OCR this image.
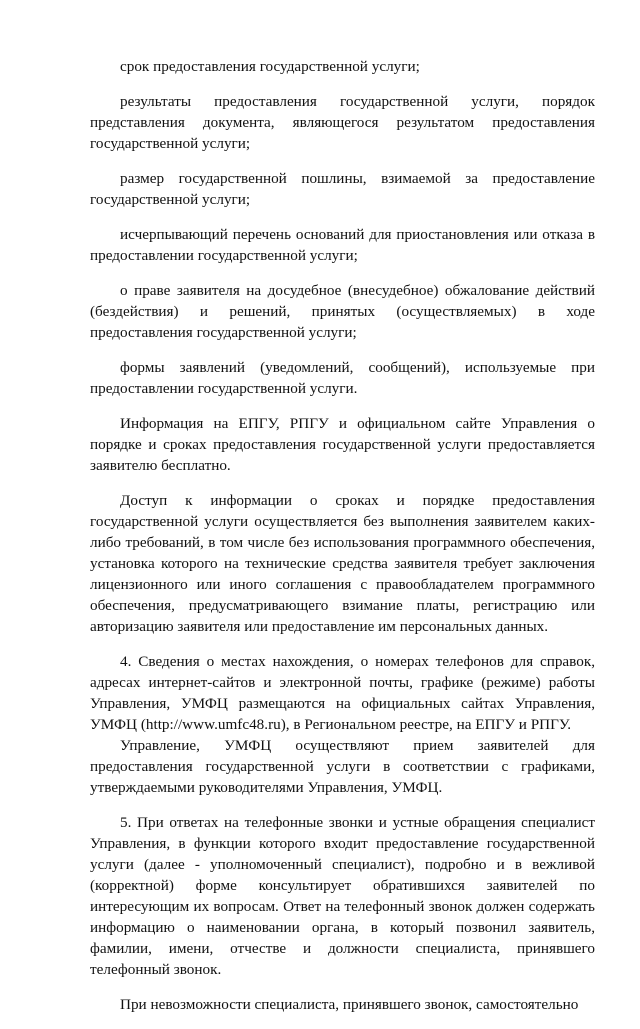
срок предоставления государственной услуги;

результаты предоставления государственной услуги, порядок представления документа, являющегося результатом предоставления государственной услуги;

размер государственной пошлины, взимаемой за предоставление государственной услуги;

исчерпывающий перечень оснований для приостановления или отказа в предоставлении государственной услуги;

о праве заявителя на досудебное (внесудебное) обжалование действий (бездействия) и решений, принятых (осуществляемых) в ходе предоставления государственной услуги;

формы заявлений (уведомлений, сообщений), используемые при предоставлении государственной услуги.

Информация на ЕПГУ, РПГУ и официальном сайте Управления о порядке и сроках предоставления государственной услуги предоставляется заявителю бесплатно.

Доступ к информации о сроках и порядке предоставления государственной услуги осуществляется без выполнения заявителем каких-либо требований, в том числе без использования программного обеспечения, установка которого на технические средства заявителя требует заключения лицензионного или иного соглашения с правообладателем программного обеспечения, предусматривающего взимание платы, регистрацию или авторизацию заявителя или предоставление им персональных данных.

4. Сведения о местах нахождения, о номерах телефонов для справок, адресах интернет-сайтов и электронной почты, графике (режиме) работы Управления, УМФЦ размещаются на официальных сайтах Управления, УМФЦ (http://www.umfc48.ru), в Региональном реестре, на ЕПГУ и РПГУ.

Управление, УМФЦ осуществляют прием заявителей для предоставления государственной услуги в соответствии с графиками, утверждаемыми руководителями Управления, УМФЦ.

5. При ответах на телефонные звонки и устные обращения специалист Управления, в функции которого входит предоставление государственной услуги (далее - уполномоченный специалист), подробно и в вежливой (корректной) форме консультирует обратившихся заявителей по интересующим их вопросам. Ответ на телефонный звонок должен содержать информацию о наименовании органа, в который позвонил заявитель, фамилии, имени, отчестве и должности специалиста, принявшего телефонный звонок.

При невозможности специалиста, принявшего звонок, самостоятельно
